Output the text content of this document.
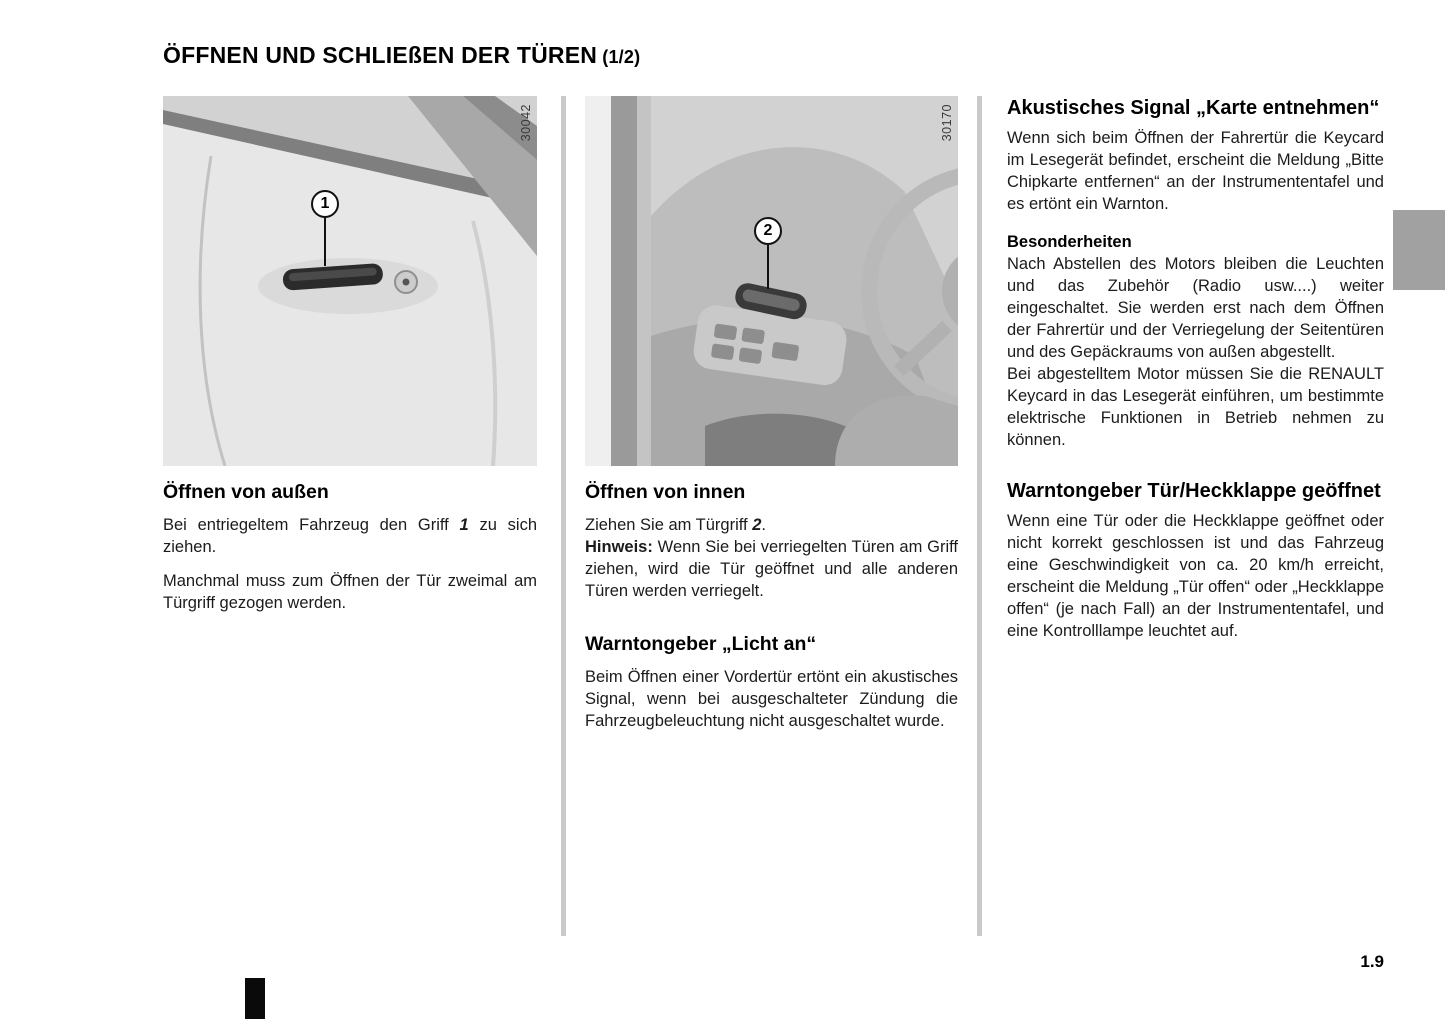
ÖFFNEN UND SCHLIEßEN DER TÜREN (1/2)
30042
1
Öffnen von außen

Bei entriegeltem Fahrzeug den Griff 1 zu sich ziehen.

Manchmal muss zum Öffnen der Tür zweimal am Türgriff gezogen werden.

30170
2
Öffnen von innen

Ziehen Sie am Türgriff 2.

Hinweis: Wenn Sie bei verriegelten Türen am Griff ziehen, wird die Tür geöffnet und alle anderen Türen werden verriegelt.

Warntongeber „Licht an“

Beim Öffnen einer Vordertür ertönt ein akustisches Signal, wenn bei ausgeschalteter Zündung die Fahrzeugbeleuchtung nicht ausgeschaltet wurde.

Akustisches Signal „Karte entnehmen“

Wenn sich beim Öffnen der Fahrertür die Keycard im Lesegerät befindet, erscheint die Meldung „Bitte Chipkarte entfernen“ an der Instrumententafel und es ertönt ein Warnton.

Besonderheiten

Nach Abstellen des Motors bleiben die Leuchten und das Zubehör (Radio usw....) weiter eingeschaltet. Sie werden erst nach dem Öffnen der Fahrertür und der Verriegelung der Seitentüren und des Gepäckraums von außen abgestellt.

Bei abgestelltem Motor müssen Sie die RENAULT Keycard in das Lesegerät einführen, um bestimmte elektrische Funktionen in Betrieb nehmen zu können.

Warntongeber Tür/Heckklappe geöffnet

Wenn eine Tür oder die Heckklappe geöffnet oder nicht korrekt geschlossen ist und das Fahrzeug eine Geschwindigkeit von ca. 20 km/h erreicht, erscheint die Meldung „Tür offen“ oder „Heckklappe offen“ (je nach Fall) an der Instrumententafel, und eine Kontrolllampe leuchtet auf.

1.9
